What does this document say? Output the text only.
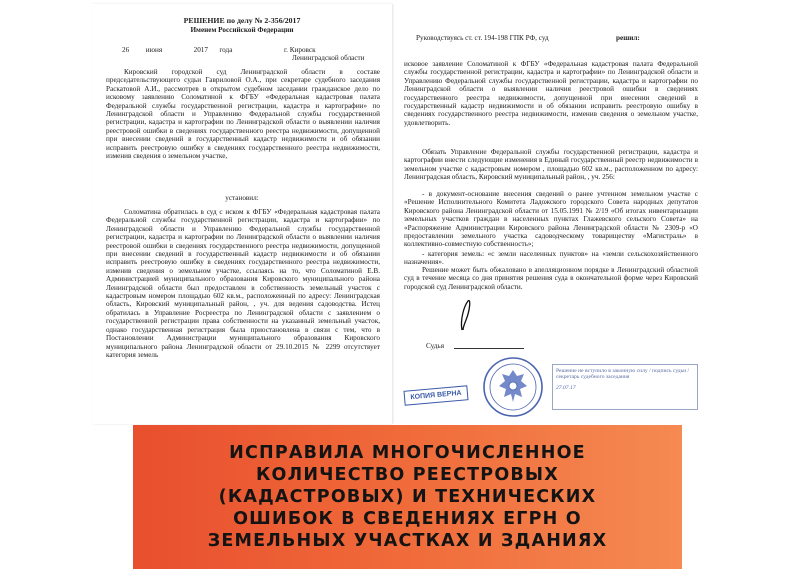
РЕШЕНИЕ по делу № 2-356/2017
Именем Российской Федерации
26 июня	2017 года	г. Кировск
Ленинградской области
Кировский городской суд Ленинградской области в составе председательствующего судьи Гавриловой О.А., при секретаре судебного заседания Раскатовой А.И., рассмотрев в открытом судебном заседании гражданское дело по исковому заявлению Соломатиной к ФГБУ «Федеральная кадастровая палата Федеральной службы государственной регистрации, кадастра и картографии» по Ленинградской области и Управлению Федеральной службы государственной регистрации, кадастра и картографии по Ленинградской области о выявлении наличия реестровой ошибки в сведениях государственного реестра недвижимости, допущенной при внесении сведений в государственный кадастр недвижимости и об обязании исправить реестровую ошибку в сведениях государственного реестра недвижимости, изменив сведения о земельном участке,
установил:
Соломатина обратилась в суд с иском к ФГБУ «Федеральная кадастровая палата Федеральной службы государственной регистрации, кадастра и картографии» по Ленинградской области и Управлению Федеральной службы государственной регистрации, кадастра и картографии по Ленинградской области о выявлении наличия реестровой ошибки в сведениях государственного реестра недвижимости, допущенной при внесении сведений в государственный кадастр недвижимости и об обязании исправить реестровую ошибку в сведениях государственного реестра недвижимости, изменив сведения о земельном участке, ссылаясь на то, что Соломатиной Е.В. Администрацией муниципального образования Кировского муниципального района Ленинградской области был предоставлен в собственность земельный участок с кадастровым номером площадью 602 кв.м., расположенный по адресу: Ленинградская область, Кировский муниципальный район, , уч. для ведения садоводства. Истец обратилась в Управление Росреестра по Ленинградской области с заявлением о государственной регистрации права собственности на указанный земельный участок, однако государственная регистрация была приостановлена в связи с тем, что в Постановлении Администрации муниципального образования Кировского муниципального района Ленинградской области от 29.10.2015 № 2299 отсутствует категория земель
Руководствуясь ст. ст. 194-198 ГПК РФ, суд	решил:
исковое заявление Соломатиной к ФГБУ «Федеральная кадастровая палата Федеральной службы государственной регистрации, кадастра и картографии» по Ленинградской области и Управлению Федеральной службы государственной регистрации, кадастра и картографии по Ленинградской области о выявлении наличия реестровой ошибки в сведениях государственного реестра недвижимости, допущенной при внесении сведений в государственный кадастр недвижимости и об обязании исправить реестровую ошибку в сведениях государственного реестра недвижимости, изменив сведения о земельном участке, удовлетворить.
Обязать Управление Федеральной службы государственной регистрации, кадастра и картографии внести следующие изменения в Единый государственный реестр недвижимости в земельном участке с кадастровым номером , площадью 602 кв.м., расположенном по адресу: Ленинградская область, Кировский муниципальный район, , уч. 256:
- в документ-основание внесения сведений о ранее учтенном земельном участке с «Решение Исполнительного Комитета Ладожского городского Совета народных депутатов Кировского района Ленинградской области от 15.05.1991 № 2/19 «Об итогах инвентаризации земельных участков граждан в населенных пунктах Глажевского сельского Совета» на «Распоряжение Администрации Кировского района Ленинградской области № 2309-р «О предоставлении земельного участка садоводческому товариществу «Магистраль» в коллективно-совместную собственность»;
- категория земель: «с земли населенных пунктов» на «земли сельскохозяйственного назначения».
Решение может быть обжаловано в апелляционном порядке в Ленинградский областной суд в течение месяца со дня принятия решения суда в окончательной форме через Кировский городской суд Ленинградской области.
Судья
КОПИЯ ВЕРНА
Решение не вступило в законную силу / подпись судьи / секретарь судебного заседания
27.07.17
ИСПРАВИЛА МНОГОЧИСЛЕННОЕ КОЛИЧЕСТВО РЕЕСТРОВЫХ (КАДАСТРОВЫХ) И ТЕХНИЧЕСКИХ ОШИБОК В СВЕДЕНИЯХ ЕГРН О ЗЕМЕЛЬНЫХ УЧАСТКАХ И ЗДАНИЯХ
